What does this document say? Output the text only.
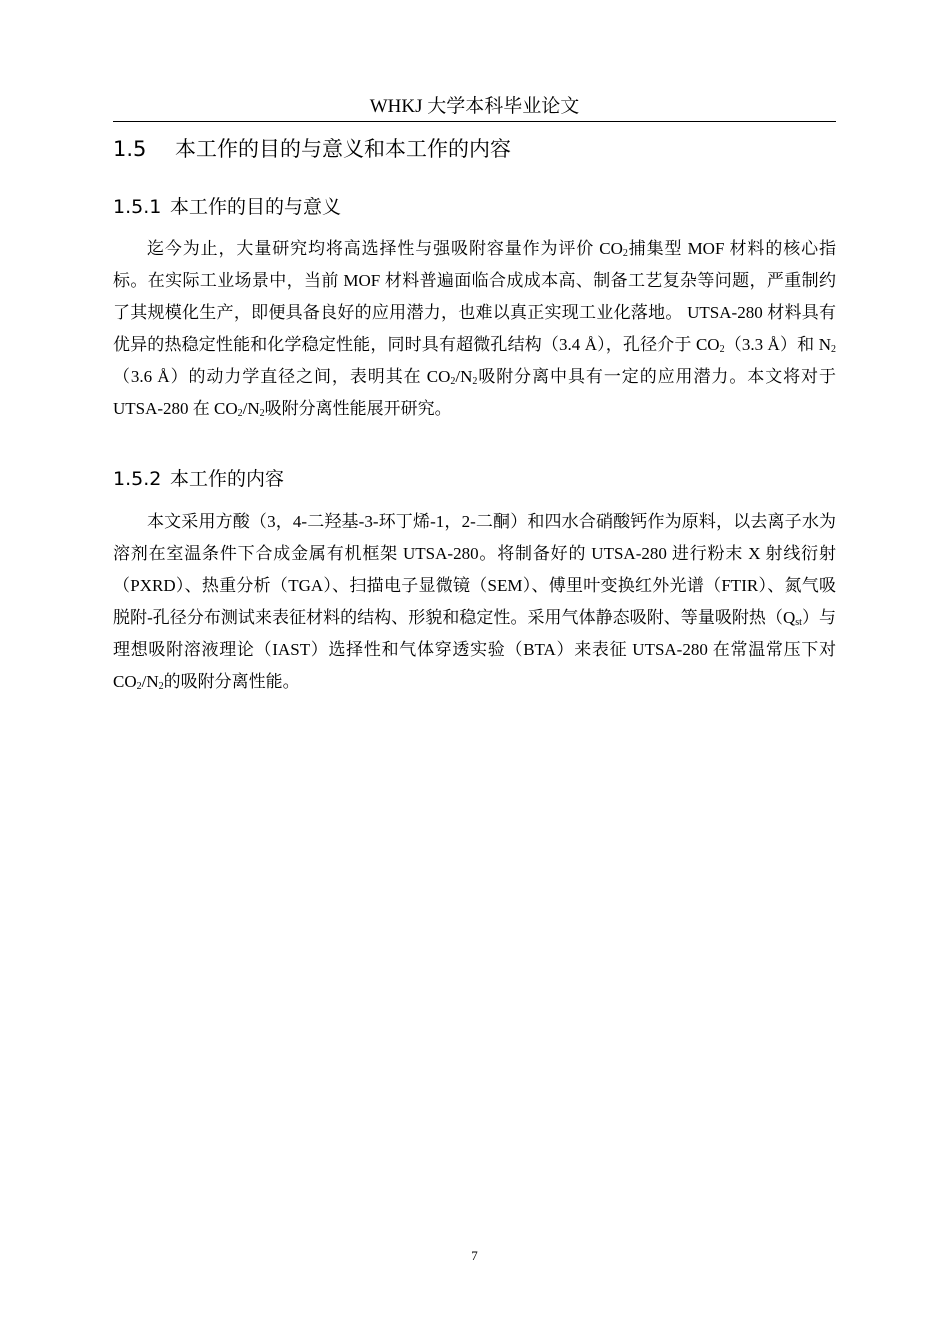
WHKJ 大学本科毕业论文
1.5 本工作的目的与意义和本工作的内容
1.5.1 本工作的目的与意义
迄今为止，大量研究均将高选择性与强吸附容量作为评价 $CO_2$捕集型 MOF 材料的核心指标。在实际工业场景中，当前 MOF 材料普遍面临合成成本高、制备工艺复杂等问题，严重制约了其规模化生产，即便具备良好的应用潜力，也难以真正实现工业化落地。 UTSA-280 材料具有优异的热稳定性能和化学稳定性能，同时具有超微孔结构（3.4 Å），孔径介于 $CO_2(3.3$ Å）和 $N_2(3.6$ Å）的动力学直径之间，表明其在 $CO_2/N_2$吸附分离中具有一定的应用潜力。本文将对于 UTSA-280 在 $CO_2/N_2$吸附分离性能展开研究。
1.5.2 本工作的内容
本文采用方酸（3，4-二羟基-3-环丁烯-1，2-二酮）和四水合硝酸钙作为原料，以去离子水为溶剂在室温条件下合成金属有机框架 UTSA-280。将制备好的 UTSA-280 进行粉末 X 射线衍射（PXRD）、热重分析（TGA）、扫描电子显微镜（SEM）、傅里叶变换红外光谱（FTIR）、氮气吸脱附-孔径分布测试来表征材料的结构、形貌和稳定性。采用气体静态吸附、等量吸附热$(Q_{st})$与理想吸附溶液理论（IAST）选择性和气体穿透实验（BTA）来表征 UTSA-280 在常温常压下对 $CO_2/N_2$的吸附分离性能。
7
